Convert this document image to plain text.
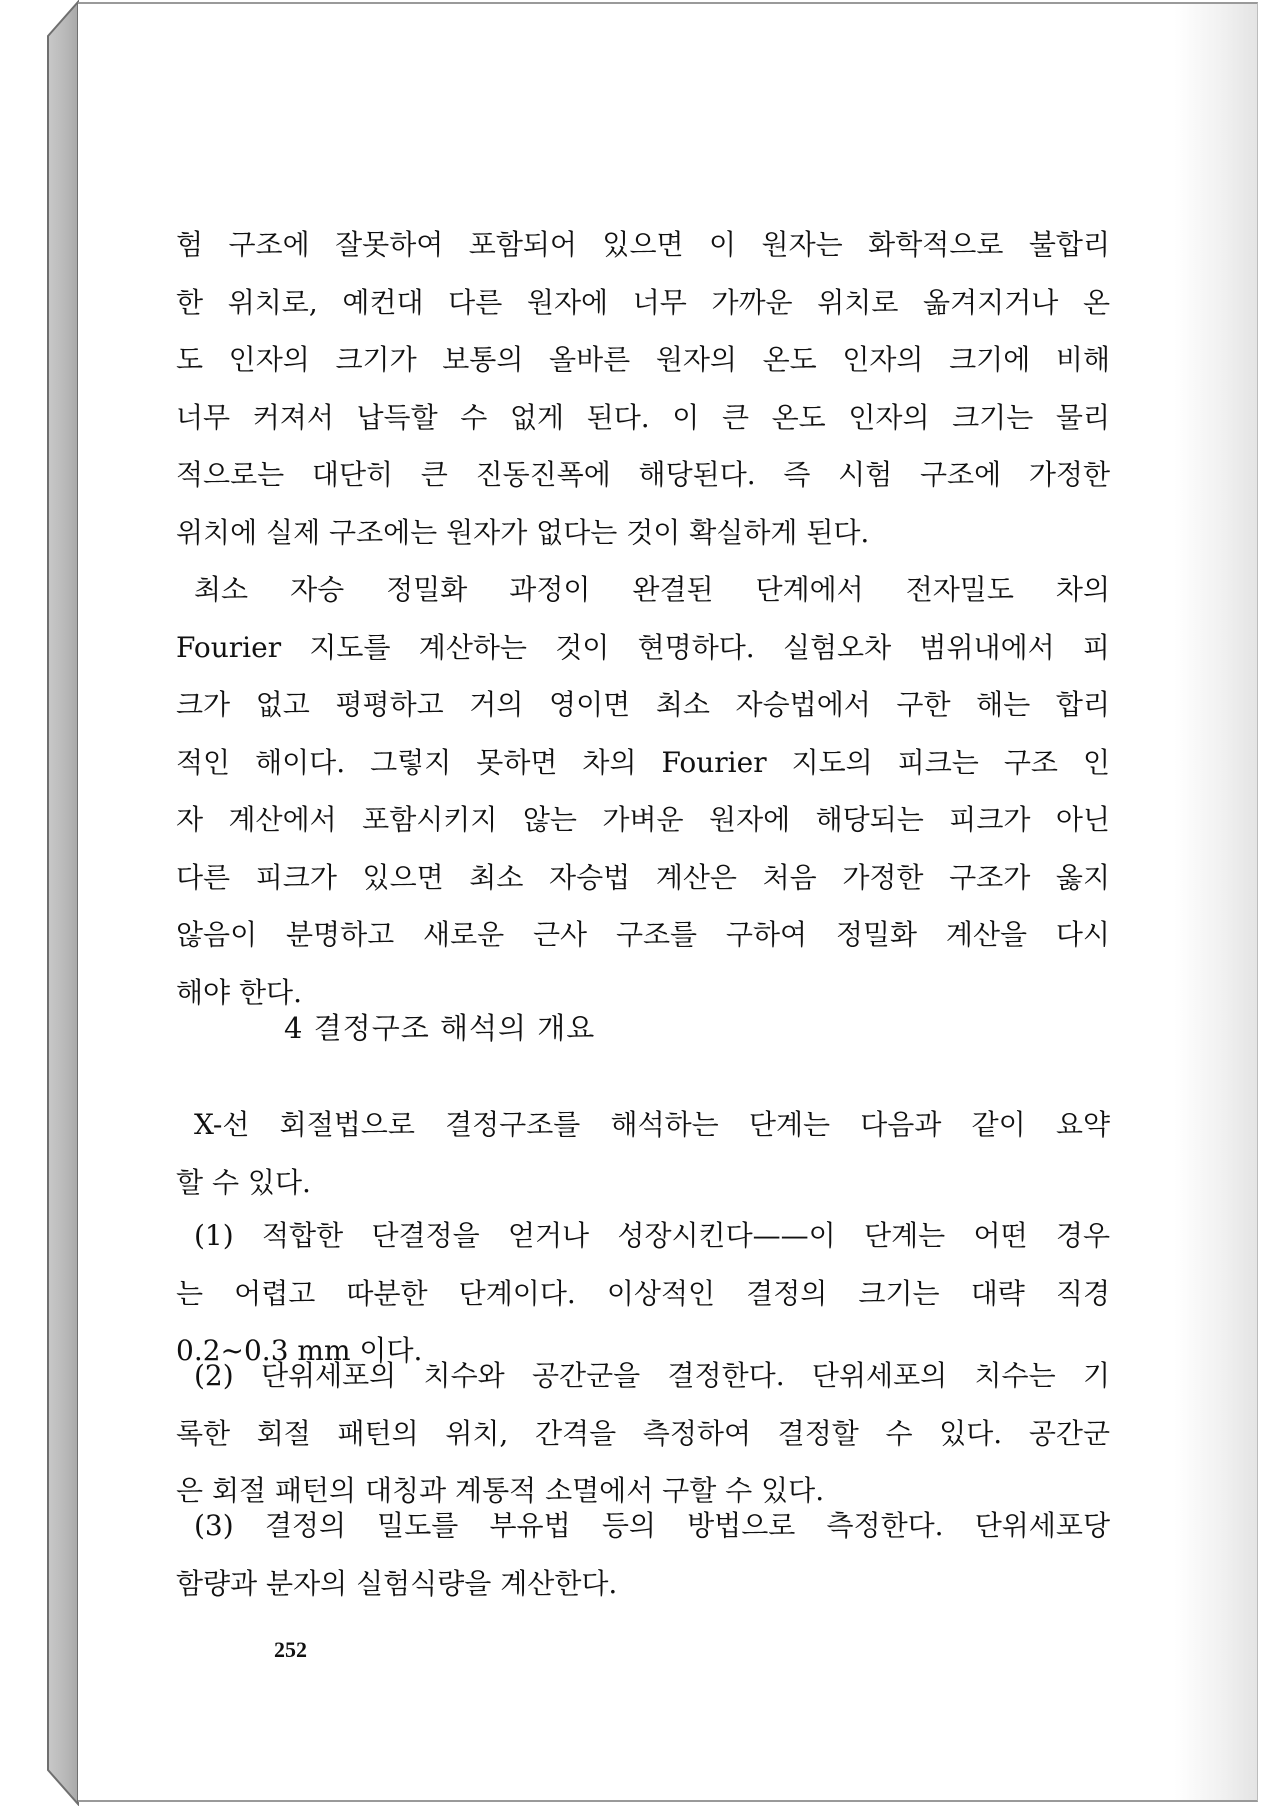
험 구조에 잘못하여 포함되어 있으면 이 원자는 화학적으로 불합리
한 위치로, 예컨대 다른 원자에 너무 가까운 위치로 옮겨지거나 온
도 인자의 크기가 보통의 올바른 원자의 온도 인자의 크기에 비해
너무 커져서 납득할 수 없게 된다. 이 큰 온도 인자의 크기는 물리
적으로는 대단히 큰 진동진폭에 해당된다. 즉 시험 구조에 가정한
위치에 실제 구조에는 원자가 없다는 것이 확실하게 된다.
최소 자승 정밀화 과정이 완결된 단계에서 전자밀도 차의
Fourier 지도를 계산하는 것이 현명하다. 실험오차 범위내에서 피
크가 없고 평평하고 거의 영이면 최소 자승법에서 구한 해는 합리
적인 해이다. 그렇지 못하면 차의 Fourier 지도의 피크는 구조 인
자 계산에서 포함시키지 않는 가벼운 원자에 해당되는 피크가 아닌
다른 피크가 있으면 최소 자승법 계산은 처음 가정한 구조가 옳지
않음이 분명하고 새로운 근사 구조를 구하여 정밀화 계산을 다시
해야 한다.
4 결정구조 해석의 개요
X-선 회절법으로 결정구조를 해석하는 단계는 다음과 같이 요약
할 수 있다.
(1) 적합한 단결정을 얻거나 성장시킨다——이 단계는 어떤 경우
는 어렵고 따분한 단계이다. 이상적인 결정의 크기는 대략 직경
0.2~0.3 mm 이다.
(2) 단위세포의 치수와 공간군을 결정한다. 단위세포의 치수는 기
록한 회절 패턴의 위치, 간격을 측정하여 결정할 수 있다. 공간군
은 회절 패턴의 대칭과 계통적 소멸에서 구할 수 있다.
(3) 결정의 밀도를 부유법 등의 방법으로 측정한다. 단위세포당
함량과 분자의 실험식량을 계산한다.
252
